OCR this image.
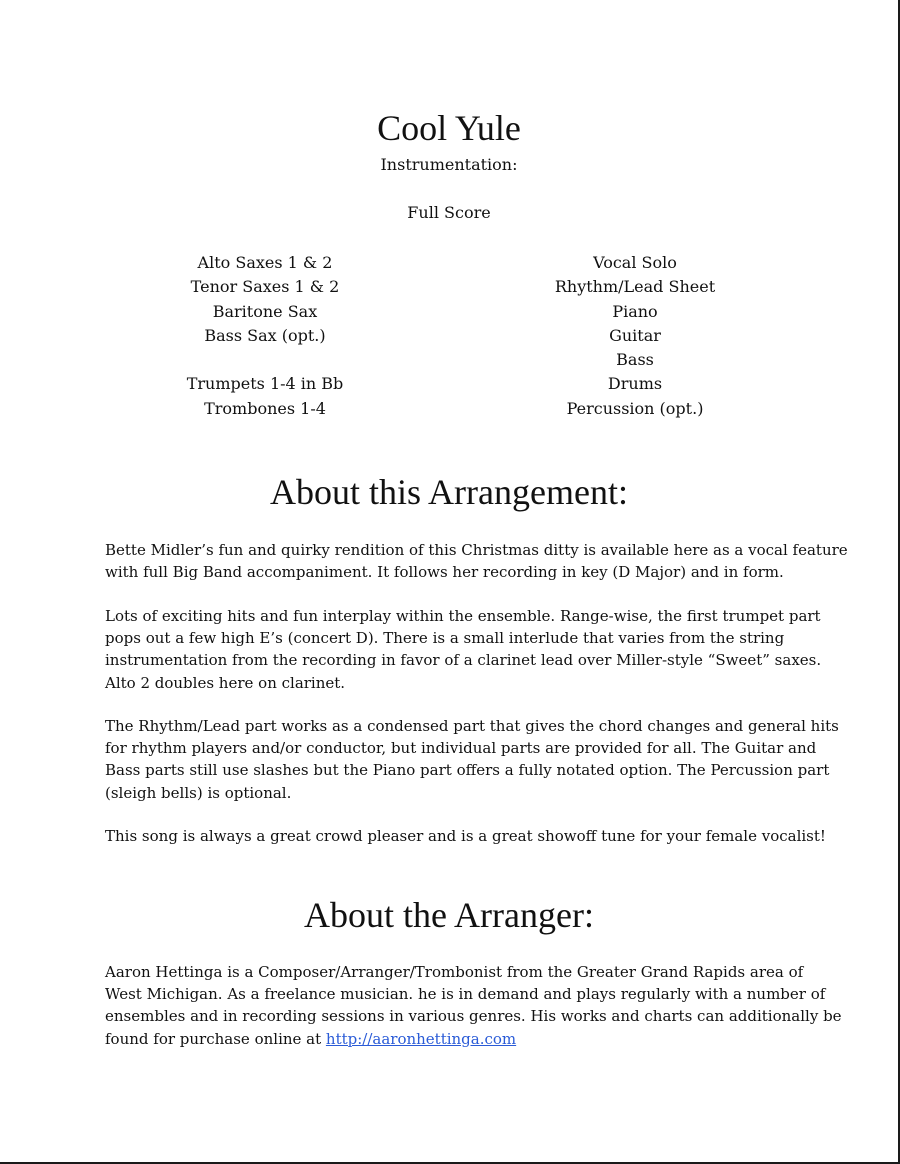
Cool Yule
Instrumentation:
Full Score
Alto Saxes 1 & 2
Tenor Saxes 1 & 2
Baritone Sax
Bass Sax (opt.)
Trumpets 1-4 in Bb
Trombones 1-4
Vocal Solo
Rhythm/Lead Sheet
Piano
Guitar
Bass
Drums
Percussion (opt.)
About this Arrangement:
Bette Midler’s fun and quirky rendition of this Christmas ditty is available here as a vocal feature
with full Big Band accompaniment. It follows her recording in key (D Major) and in form.
Lots of exciting hits and fun interplay within the ensemble. Range-wise, the first trumpet part
pops out a few high E’s (concert D). There is a small interlude that varies from the string
instrumentation from the recording in favor of a clarinet lead over Miller-style “Sweet” saxes.
Alto 2 doubles here on clarinet.
The Rhythm/Lead part works as a condensed part that gives the chord changes and general hits
for rhythm players and/or conductor, but individual parts are provided for all. The Guitar and
Bass parts still use slashes but the Piano part offers a fully notated option. The Percussion part
(sleigh bells) is optional.
This song is always a great crowd pleaser and is a great showoff tune for your female vocalist!
About the Arranger:
Aaron Hettinga is a Composer/Arranger/Trombonist from the Greater Grand Rapids area of
West Michigan. As a freelance musician. he is in demand and plays regularly with a number of
ensembles and in recording sessions in various genres. His works and charts can additionally be
found for purchase online at http://aaronhettinga.com
